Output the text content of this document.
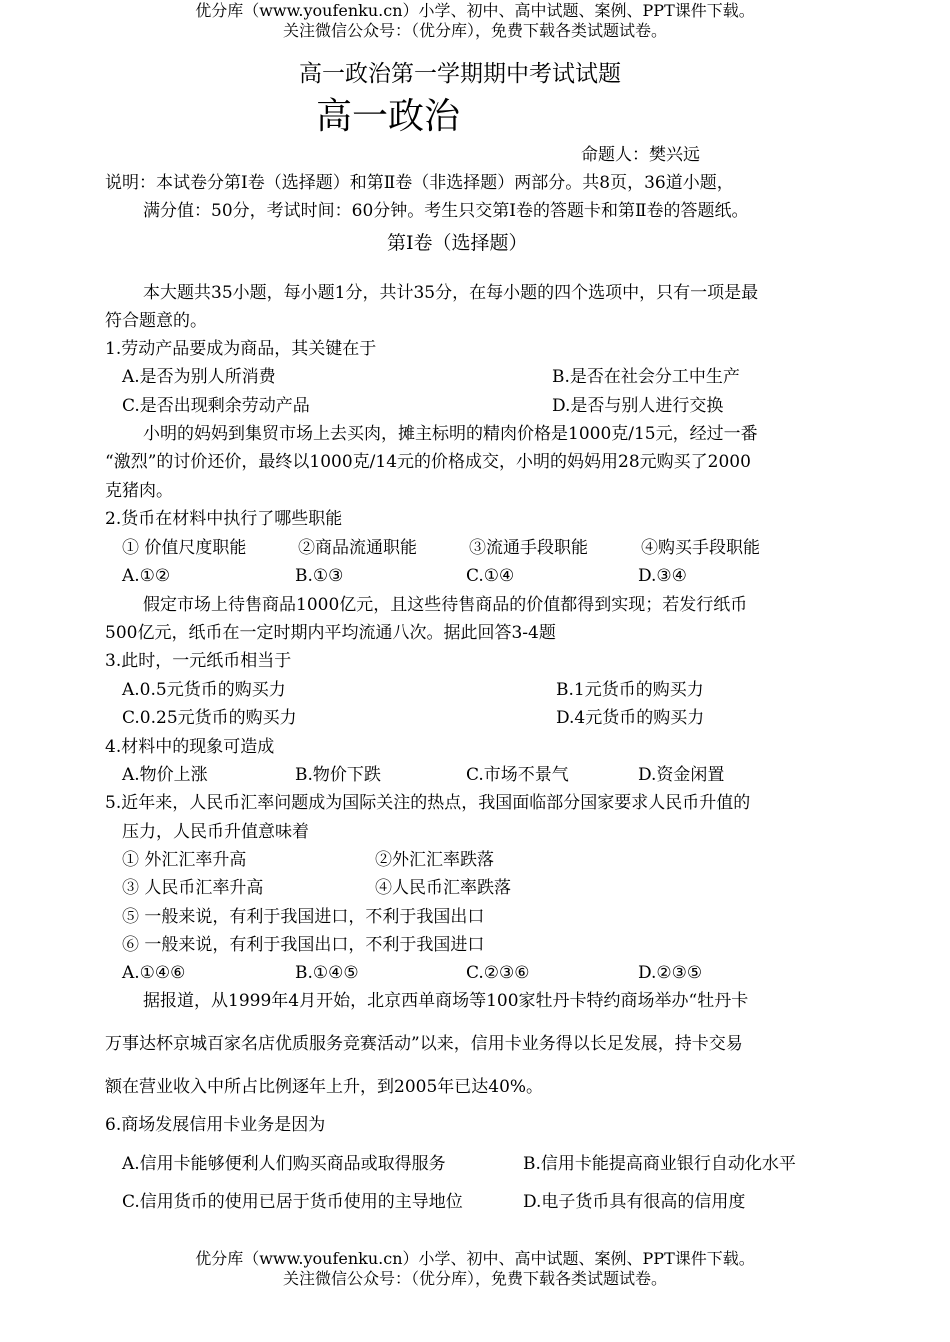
优分库（www.youfenku.cn）小学、初中、高中试题、案例、PPT课件下载。
关注微信公众号：（优分库），免费下载各类试题试卷。
高一政治第一学期期中考试试题
高一政治
命题人：樊兴远
说明：本试卷分第Ⅰ卷（选择题）和第Ⅱ卷（非选择题）两部分。共8页，36道小题，
满分值：50分，考试时间：60分钟。考生只交第Ⅰ卷的答题卡和第Ⅱ卷的答题纸。
第Ⅰ卷（选择题）
本大题共35小题，每小题1分，共计35分，在每小题的四个选项中，只有一项是最
符合题意的。
1.劳动产品要成为商品，其关键在于
A.是否为别人所消费	B.是否在社会分工中生产
C.是否出现剩余劳动产品	D.是否与别人进行交换
小明的妈妈到集贸市场上去买肉，摊主标明的精肉价格是1000克/15元，经过一番
“激烈”的讨价还价，最终以1000克/14元的价格成交，小明的妈妈用28元购买了2000
克猪肉。
2.货币在材料中执行了哪些职能
① 价值尺度职能	②商品流通职能	③流通手段职能	④购买手段职能
A.①②	B.①③	C.①④	D.③④
假定市场上待售商品1000亿元，且这些待售商品的价值都得到实现；若发行纸币
500亿元，纸币在一定时期内平均流通八次。据此回答3-4题
3.此时，一元纸币相当于
A.0.5元货币的购买力	B.1元货币的购买力
C.0.25元货币的购买力	D.4元货币的购买力
4.材料中的现象可造成
A.物价上涨	B.物价下跌	C.市场不景气	D.资金闲置
5.近年来，人民币汇率问题成为国际关注的热点，我国面临部分国家要求人民币升值的
压力，人民币升值意味着
① 外汇汇率升高	②外汇汇率跌落
③ 人民币汇率升高	④人民币汇率跌落
⑤ 一般来说，有利于我国进口，不利于我国出口
⑥ 一般来说，有利于我国出口，不利于我国进口
A.①④⑥	B.①④⑤	C.②③⑥	D.②③⑤
据报道，从1999年4月开始，北京西单商场等100家牡丹卡特约商场举办“牡丹卡
万事达杯京城百家名店优质服务竞赛活动”以来，信用卡业务得以长足发展，持卡交易
额在营业收入中所占比例逐年上升，到2005年已达40%。
6.商场发展信用卡业务是因为
A.信用卡能够便利人们购买商品或取得服务	B.信用卡能提高商业银行自动化水平
C.信用货币的使用已居于货币使用的主导地位	D.电子货币具有很高的信用度
优分库（www.youfenku.cn）小学、初中、高中试题、案例、PPT课件下载。
关注微信公众号：（优分库），免费下载各类试题试卷。
